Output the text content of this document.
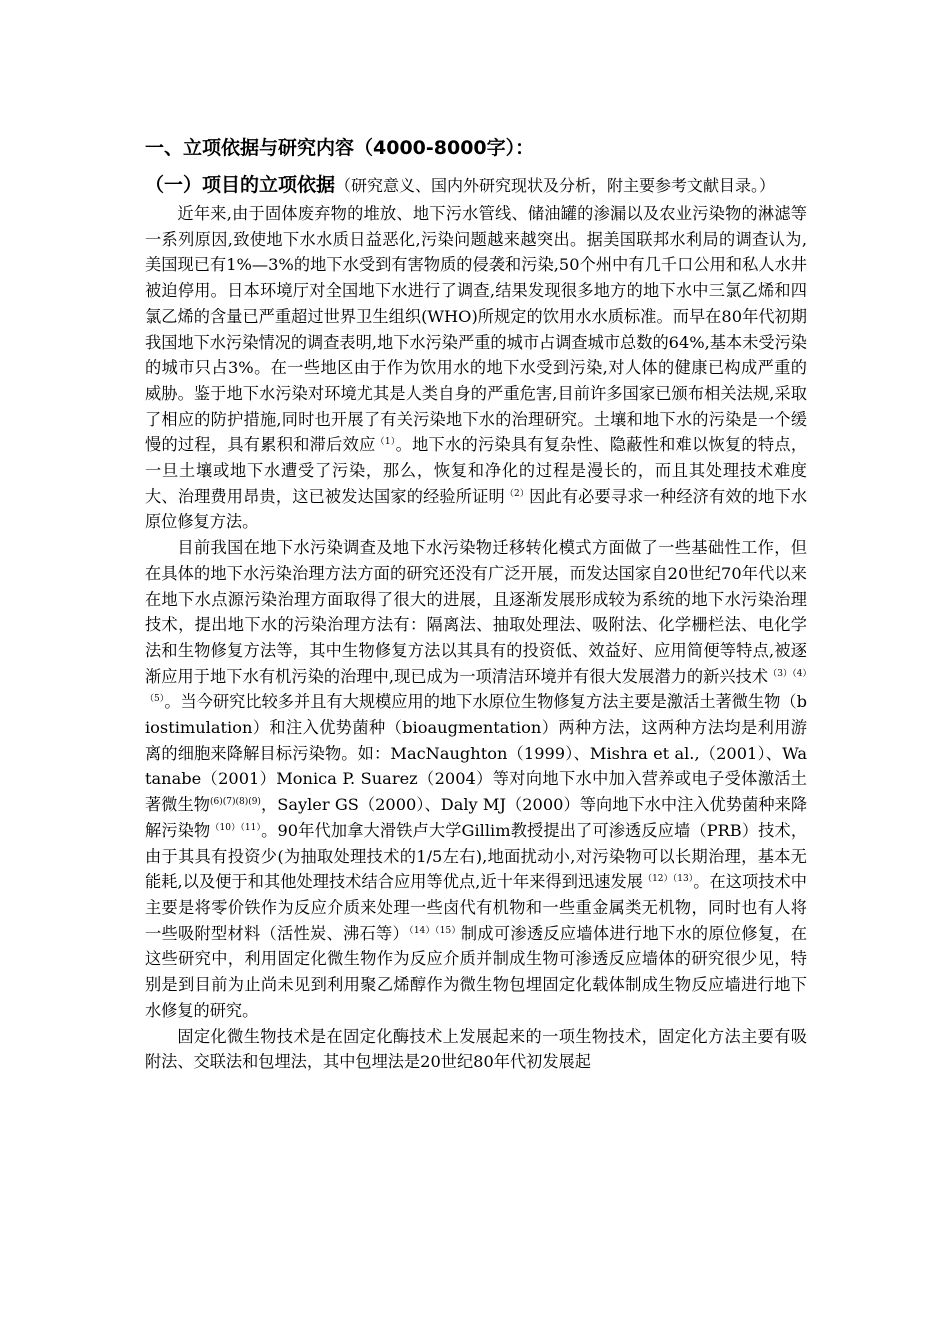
一、立项依据与研究内容（4000-8000字）：
（一）项目的立项依据（研究意义、国内外研究现状及分析，附主要参考文献目录。）

近年来,由于固体废弃物的堆放、地下污水管线、储油罐的渗漏以及农业污染物的淋滤等一系列原因,致使地下水水质日益恶化,污染问题越来越突出。据美国联邦水利局的调查认为,美国现已有1%—3%的地下水受到有害物质的侵袭和污染,50个州中有几千口公用和私人水井被迫停用。日本环境厅对全国地下水进行了调查,结果发现很多地方的地下水中三氯乙烯和四氯乙烯的含量已严重超过世界卫生组织(WHO)所规定的饮用水水质标准。而早在80年代初期我国地下水污染情况的调查表明,地下水污染严重的城市占调查城市总数的64%,基本未受污染的城市只占3%。在一些地区由于作为饮用水的地下水受到污染,对人体的健康已构成严重的威胁。鉴于地下水污染对环境尤其是人类自身的严重危害,目前许多国家已颁布相关法规,采取了相应的防护措施,同时也开展了有关污染地下水的治理研究。土壤和地下水的污染是一个缓慢的过程，具有累积和滞后效应$^{(1)}$。地下水的污染具有复杂性、隐蔽性和难以恢复的特点，一旦土壤或地下水遭受了污染，那么，恢复和净化的过程是漫长的，而且其处理技术难度大、治理费用昂贵，这已被发达国家的经验所证明$^{(2)}$因此有必要寻求一种经济有效的地下水原位修复方法。

目前我国在地下水污染调查及地下水污染物迁移转化模式方面做了一些基础性工作，但在具体的地下水污染治理方法方面的研究还没有广泛开展，而发达国家自20世纪70年代以来在地下水点源污染治理方面取得了很大的进展，且逐渐发展形成较为系统的地下水污染治理技术，提出地下水的污染治理方法有：隔离法、抽取处理法、吸附法、化学栅栏法、电化学法和生物修复方法等，其中生物修复方法以其具有的投资低、效益好、应用简便等特点,被逐渐应用于地下水有机污染的治理中,现已成为一项清洁环境并有很大发展潜力的新兴技术$^{(3)(4)(5)}$。当今研究比较多并且有大规模应用的地下水原位生物修复方法主要是激活土著微生物（biostimulation）和注入优势菌种（bioaugmentation）两种方法，这两种方法均是利用游离的细胞来降解目标污染物。如：MacNaughton（1999）、Mishra et al.,（2001）、Watanabe（2001）Monica P. Suarez（2004）等对向地下水中加入营养或电子受体激活土著微生物$^{(6)(7)(8)(9)}$，Sayler GS（2000）、Daly MJ（2000）等向地下水中注入优势菌种来降解污染物$^{(10)(11)}$。90年代加拿大滑铁卢大学Gillim教授提出了可渗透反应墙（PRB）技术，由于其具有投资少(为抽取处理技术的1/5左右),地面扰动小,对污染物可以长期治理，基本无能耗,以及便于和其他处理技术结合应用等优点,近十年来得到迅速发展$^{(12)(13)}$。在这项技术中主要是将零价铁作为反应介质来处理一些卤代有机物和一些重金属类无机物，同时也有人将一些吸附型材料（活性炭、沸石等）$^{(14)(15)}$制成可渗透反应墙体进行地下水的原位修复，在这些研究中，利用固定化微生物作为反应介质并制成生物可渗透反应墙体的研究很少见，特别是到目前为止尚未见到利用聚乙烯醇作为微生物包埋固定化载体制成生物反应墙进行地下水修复的研究。

固定化微生物技术是在固定化酶技术上发展起来的一项生物技术，固定化方法主要有吸附法、交联法和包埋法，其中包埋法是20世纪80年代初发展起
